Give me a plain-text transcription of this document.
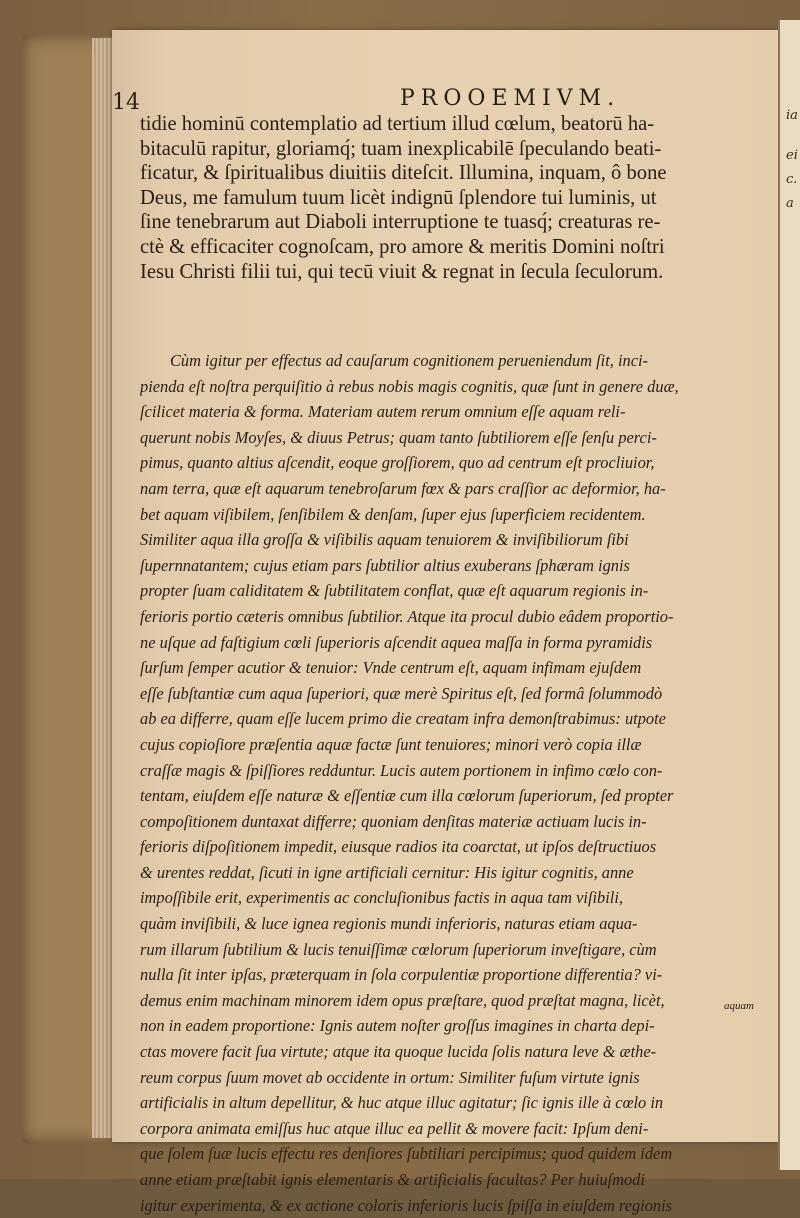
ia
ei
c.
a
14	PROOEMIVM.
tidie hominū contemplatio ad tertium illud cœlum, beatorū ha-
bitaculū rapitur, gloriamq́; tuam inexplicabilē ſpeculando beati-
ficatur, & ſpiritualibus diuitiis diteſcit. Illumina, inquam, ô bone
Deus, me famulum tuum licèt indignū ſplendore tui luminis, ut
ſine tenebrarum aut Diaboli interruptione te tuasq́; creaturas re-
ctè & efficaciter cognoſcam, pro amore & meritis Domini noſtri
Iesu Christi filii tui, qui tecū viuit & regnat in ſecula ſeculorum.
Cùm igitur per effectus ad cauſarum cognitionem perueniendum ſit, inci-
pienda eſt noſtra perquiſitio à rebus nobis magis cognitis, quæ ſunt in genere duæ,
ſcilicet materia & forma. Materiam autem rerum omnium eſſe aquam reli-
querunt nobis Moyſes, & diuus Petrus; quam tanto ſubtiliorem eſſe ſenſu perci-
pimus, quanto altius aſcendit, eoque groſſiorem, quo ad centrum eſt procliuior,
nam terra, quæ eſt aquarum tenebroſarum fœx & pars craſſior ac deformior, ha-
bet aquam viſibilem, ſenſibilem & denſam, ſuper ejus ſuperficiem recidentem.
Similiter aqua illa groſſa & viſibilis aquam tenuiorem & inviſibiliorum ſibi
ſupernnatantem; cujus etiam pars ſubtilior altius exuberans ſphæram ignis
propter ſuam caliditatem & ſubtilitatem conflat, quæ eſt aquarum regionis in-
ferioris portio cæteris omnibus ſubtilior. Atque ita procul dubio eâdem proportio-
ne uſque ad faſtigium cœli ſuperioris aſcendit aquea maſſa in forma pyramidis
ſurſum ſemper acutior & tenuior: Vnde centrum eſt, aquam infimam ejuſdem
eſſe ſubſtantiæ cum aqua ſuperiori, quæ merè Spiritus eſt, ſed formâ ſolummodò
ab ea differre, quam eſſe lucem primo die creatam infra demonſtrabimus: utpote
cujus copioſiore præſentia aquæ factæ ſunt tenuiores; minori verò copia illæ
craſſæ magis & ſpiſſiores redduntur. Lucis autem portionem in infimo cœlo con-
tentam, eiuſdem eſſe naturæ & eſſentiæ cum illa cœlorum ſuperiorum, ſed propter
compoſitionem duntaxat differre; quoniam denſitas materiæ actiuam lucis in-
ferioris diſpoſitionem impedit, eiusque radios ita coarctat, ut ipſos deſtructiuos
& urentes reddat, ſicuti in igne artificiali cernitur: His igitur cognitis, anne
impoſſibile erit, experimentis ac concluſionibus factis in aqua tam viſibili,
quàm inviſibili, & luce ignea regionis mundi inferioris, naturas etiam aqua-
rum illarum ſubtilium & lucis tenuiſſimæ cœlorum ſuperiorum inveſtigare, cùm
nulla ſit inter ipſas, præterquam in ſola corpulentiæ proportione differentia? vi-
demus enim machinam minorem idem opus præſtare, quod præſtat magna, licèt,
non in eadem proportione: Ignis autem noſter groſſus imagines in charta depi-
ctas movere facit ſua virtute; atque ita quoque lucida ſolis natura leve & æthe-
reum corpus ſuum movet ab occidente in ortum: Similiter fuſum virtute ignis
artificialis in altum depellitur, & huc atque illuc agitatur; ſic ignis ille à cœlo in
corpora animata emiſſus huc atque illuc ea pellit & movere facit: Ipſum deni-
que ſolem ſuæ lucis effectu res denſiores ſubtiliari percipimus; quod quidem idem
anne etiam præſtabit ignis elementaris & artificialis facultas? Per huiuſmodi
igitur experimenta, & ex actione coloris inferioris lucis ſpiſſa in eiuſdem regionis
aquam
